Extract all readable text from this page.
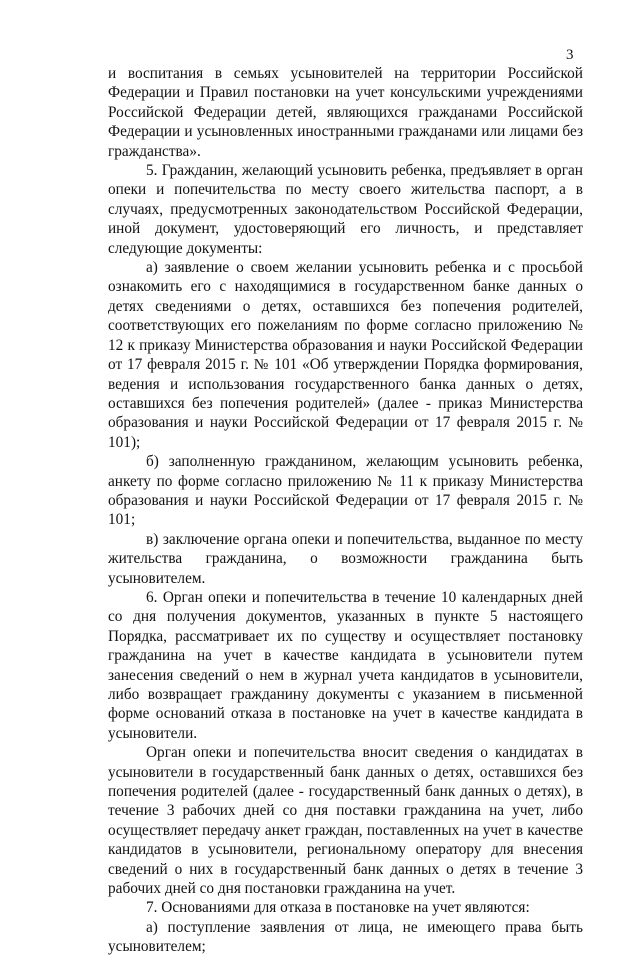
3

и воспитания в семьях усыновителей на территории Российской Федерации и Правил постановки на учет консульскими учреждениями Российской Федерации детей, являющихся гражданами Российской Федерации и усыновленных иностранными гражданами или лицами без гражданства».

5. Гражданин, желающий усыновить ребенка, предъявляет в орган опеки и попечительства по месту своего жительства паспорт, а в случаях, предусмотренных законодательством Российской Федерации, иной документ, удостоверяющий его личность, и представляет следующие документы:

а) заявление о своем желании усыновить ребенка и с просьбой ознакомить его с находящимися в государственном банке данных о детях сведениями о детях, оставшихся без попечения родителей, соответствующих его пожеланиям по форме согласно приложению № 12 к приказу Министерства образования и науки Российской Федерации от 17 февраля 2015 г. № 101 «Об утверждении Порядка формирования, ведения и использования государственного банка данных о детях, оставшихся без попечения родителей» (далее - приказ Министерства образования и науки Российской Федерации от 17 февраля 2015 г. № 101);

б) заполненную гражданином, желающим усыновить ребенка, анкету по форме согласно приложению № 11 к приказу Министерства образования и науки Российской Федерации от 17 февраля 2015 г. № 101;

в) заключение органа опеки и попечительства, выданное по месту жительства гражданина, о возможности гражданина быть усыновителем.

6. Орган опеки и попечительства в течение 10 календарных дней со дня получения документов, указанных в пункте 5 настоящего Порядка, рассматривает их по существу и осуществляет постановку гражданина на учет в качестве кандидата в усыновители путем занесения сведений о нем в журнал учета кандидатов в усыновители, либо возвращает гражданину документы с указанием в письменной форме оснований отказа в постановке на учет в качестве кандидата в усыновители.

Орган опеки и попечительства вносит сведения о кандидатах в усыновители в государственный банк данных о детях, оставшихся без попечения родителей (далее - государственный банк данных о детях), в течение 3 рабочих дней со дня поставки гражданина на учет, либо осуществляет передачу анкет граждан, поставленных на учет в качестве кандидатов в усыновители, региональному оператору для внесения сведений о них в государственный банк данных о детях в течение 3 рабочих дней со дня постановки гражданина на учет.

7. Основаниями для отказа в постановке на учет являются:

а) поступление заявления от лица, не имеющего права быть усыновителем;
